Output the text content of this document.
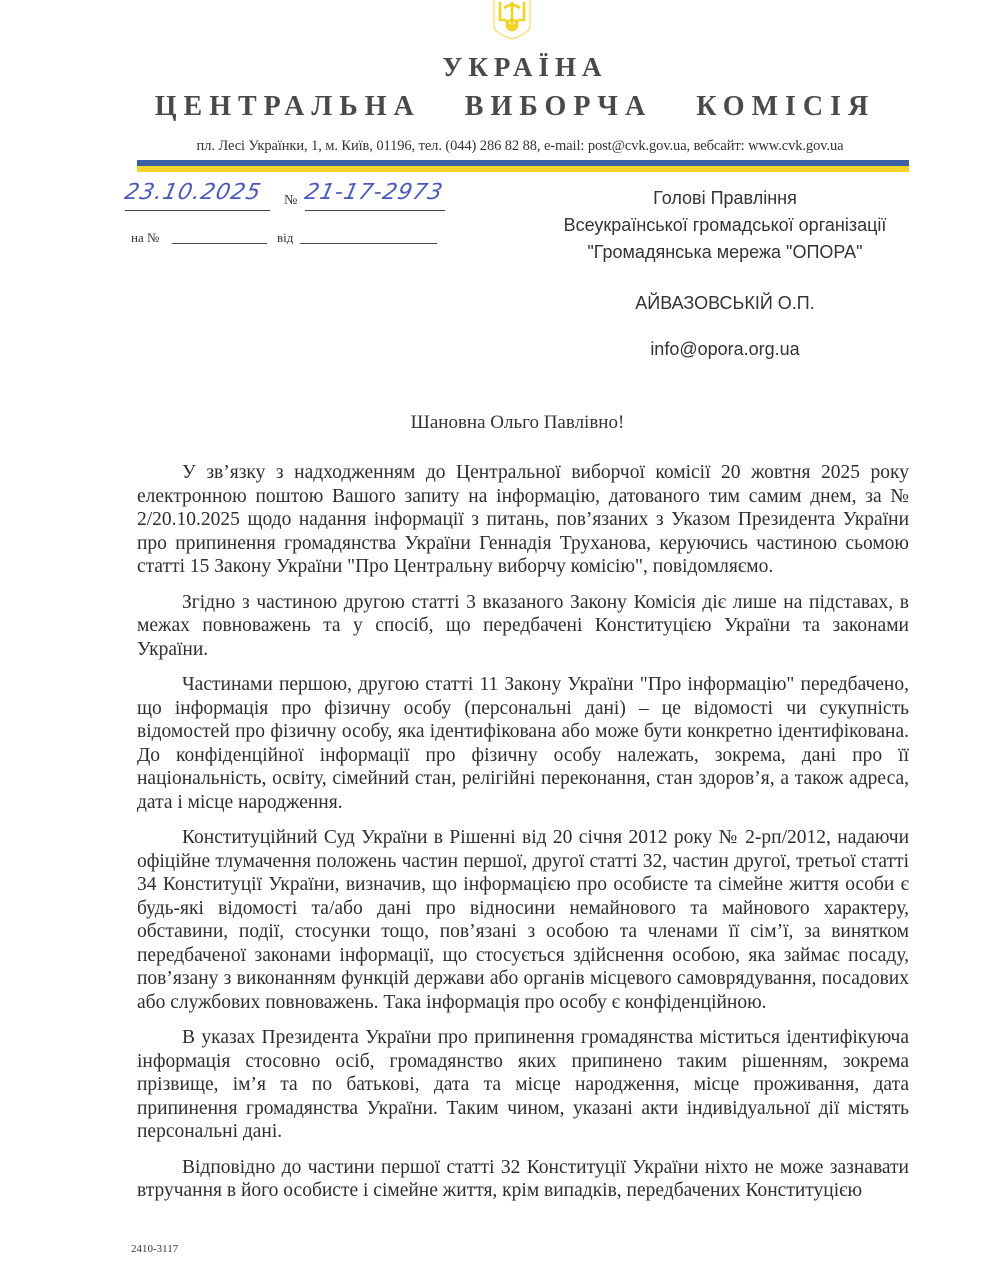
УКРАЇНА
ЦЕНТРАЛЬНА ВИБОРЧА КОМІСІЯ
пл. Лесі Українки, 1, м. Київ, 01196, тел. (044) 286 82 88, e-mail: post@cvk.gov.ua, вебсайт: www.cvk.gov.ua
23.10.2025	№ 21-17-2973
на №	від
Голові Правління
Всеукраїнської громадської організації
"Громадянська мережа "ОПОРА"
АЙВАЗОВСЬКІЙ О.П.
info@opora.org.ua
Шановна Ольго Павлівно!

У зв’язку з надходженням до Центральної виборчої комісії 20 жовтня 2025 року електронною поштою Вашого запиту на інформацію, датованого тим самим днем, за № 2/20.10.2025 щодо надання інформації з питань, пов’язаних з Указом Президента України про припинення громадянства України Геннадія Труханова, керуючись частиною сьомою статті 15 Закону України "Про Центральну виборчу комісію", повідомляємо.

Згідно з частиною другою статті 3 вказаного Закону Комісія діє лише на підставах, в межах повноважень та у спосіб, що передбачені Конституцією України та законами України.

Частинами першою, другою статті 11 Закону України "Про інформацію" передбачено, що інформація про фізичну особу (персональні дані) – це відомості чи сукупність відомостей про фізичну особу, яка ідентифікована або може бути конкретно ідентифікована. До конфіденційної інформації про фізичну особу належать, зокрема, дані про її національність, освіту, сімейний стан, релігійні переконання, стан здоров’я, а також адреса, дата і місце народження.

Конституційний Суд України в Рішенні від 20 січня 2012 року № 2-рп/2012, надаючи офіційне тлумачення положень частин першої, другої статті 32, частин другої, третьої статті 34 Конституції України, визначив, що інформацією про особисте та сімейне життя особи є будь-які відомості та/або дані про відносини немайнового та майнового характеру, обставини, події, стосунки тощо, пов’язані з особою та членами її сім’ї, за винятком передбаченої законами інформації, що стосується здійснення особою, яка займає посаду, пов’язану з виконанням функцій держави або органів місцевого самоврядування, посадових або службових повноважень. Така інформація про особу є конфіденційною.

В указах Президента України про припинення громадянства міститься ідентифікуюча інформація стосовно осіб, громадянство яких припинено таким рішенням, зокрема прізвище, ім’я та по батькові, дата та місце народження, місце проживання, дата припинення громадянства України. Таким чином, указані акти індивідуальної дії містять персональні дані.

Відповідно до частини першої статті 32 Конституції України ніхто не може зазнавати втручання в його особисте і сімейне життя, крім випадків, передбачених Конституцією

2410-3117
